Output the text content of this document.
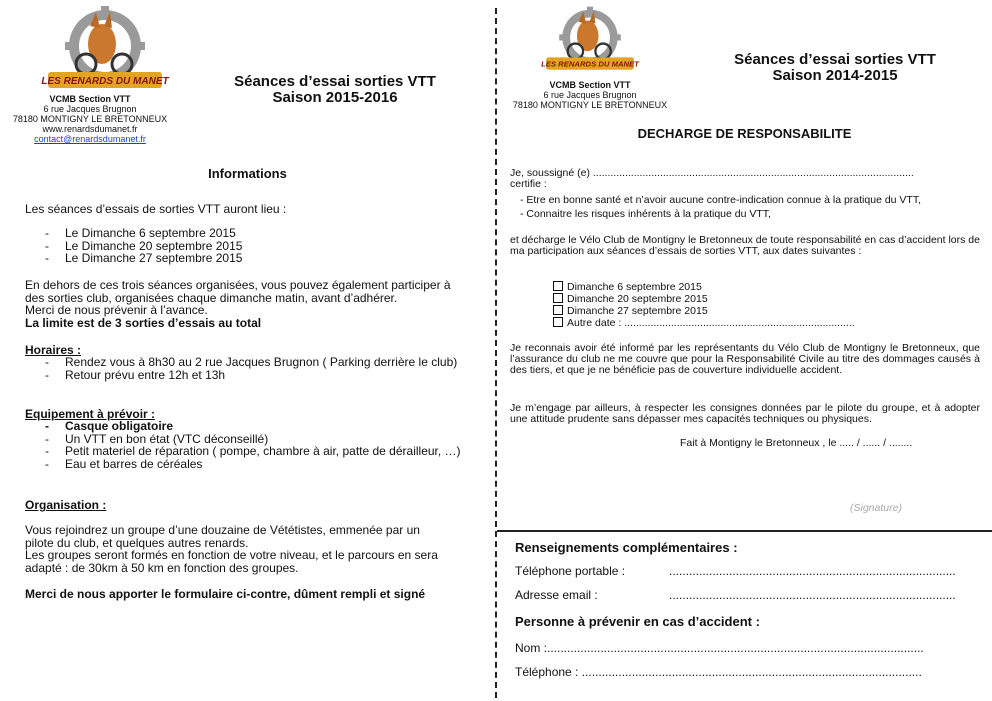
LES RENARDS DU MANET
VCMB Section VTT
6 rue Jacques Brugnon
78180 MONTIGNY LE BRETONNEUX
www.renardsdumanet.fr
contact@renardsdumanet.fr
Séances d’essai sorties VTT
Saison 2015-2016
Informations
Les séances d’essais de sorties VTT auront lieu :
- Le Dimanche 6 septembre 2015
- Le Dimanche 20 septembre 2015
- Le Dimanche 27 septembre 2015
En dehors de ces trois séances organisées, vous pouvez également participer à
des sorties club, organisées chaque dimanche matin, avant d’adhérer.
Merci de nous prévenir à l’avance.
La limite est de 3 sorties d’essais au total
Horaires :
- Rendez vous à 8h30 au 2 rue Jacques Brugnon ( Parking derrière le club)
- Retour prévu entre 12h et 13h
Equipement à prévoir :
- Casque obligatoire
- Un VTT en bon état (VTC déconseillé)
- Petit materiel de réparation ( pompe, chambre à air, patte de dérailleur, …)
- Eau et barres de céréales
Organisation :
Vous rejoindrez un groupe d’une douzaine de Vététistes, emmenée par un
pilote du club, et quelques autres renards.
Les groupes seront formés en fonction de votre niveau, et le parcours en sera
adapté : de 30km à 50 km en fonction des groupes.
Merci de nous apporter le formulaire ci-contre, dûment rempli et signé
LES RENARDS DU MANET
VCMB Section VTT
6 rue Jacques Brugnon
78180 MONTIGNY LE BRETONNEUX
Séances d’essai sorties VTT
Saison 2014-2015
DECHARGE DE RESPONSABILITE
Je, soussigné (e) ..............................................................................................................
certifie :
- Etre en bonne santé et n’avoir aucune contre-indication connue à la pratique du VTT,
- Connaitre les risques inhérents à la pratique du VTT,
et décharge le Vélo Club de Montigny le Bretonneux de toute responsabilité en cas d’accident lors de ma participation aux séances d’essais de sorties VTT, aux dates suivantes :
Dimanche 6 septembre 2015
Dimanche 20 septembre 2015
Dimanche 27 septembre 2015
Autre date : ...............................................................................
Je reconnais avoir été informé par les représentants du Vélo Club de Montigny le Bretonneux, que l’assurance du club ne me couvre que pour la Responsabilité Civile au titre des dommages causés à des tiers, et que je ne bénéficie pas de couverture individuelle accident.
Je m’engage par ailleurs, à respecter les consignes données par le pilote du groupe, et à adopter une attitude prudente sans dépasser mes capacités techniques ou physiques.
Fait à Montigny le Bretonneux , le ..... / ...... / ........
(Signature)
Renseignements complémentaires :
Téléphone portable :	......................................................................................
Adresse email :	......................................................................................
Personne à prévenir en cas d’accident :
Nom :.................................................................................................................
Téléphone : ......................................................................................................
